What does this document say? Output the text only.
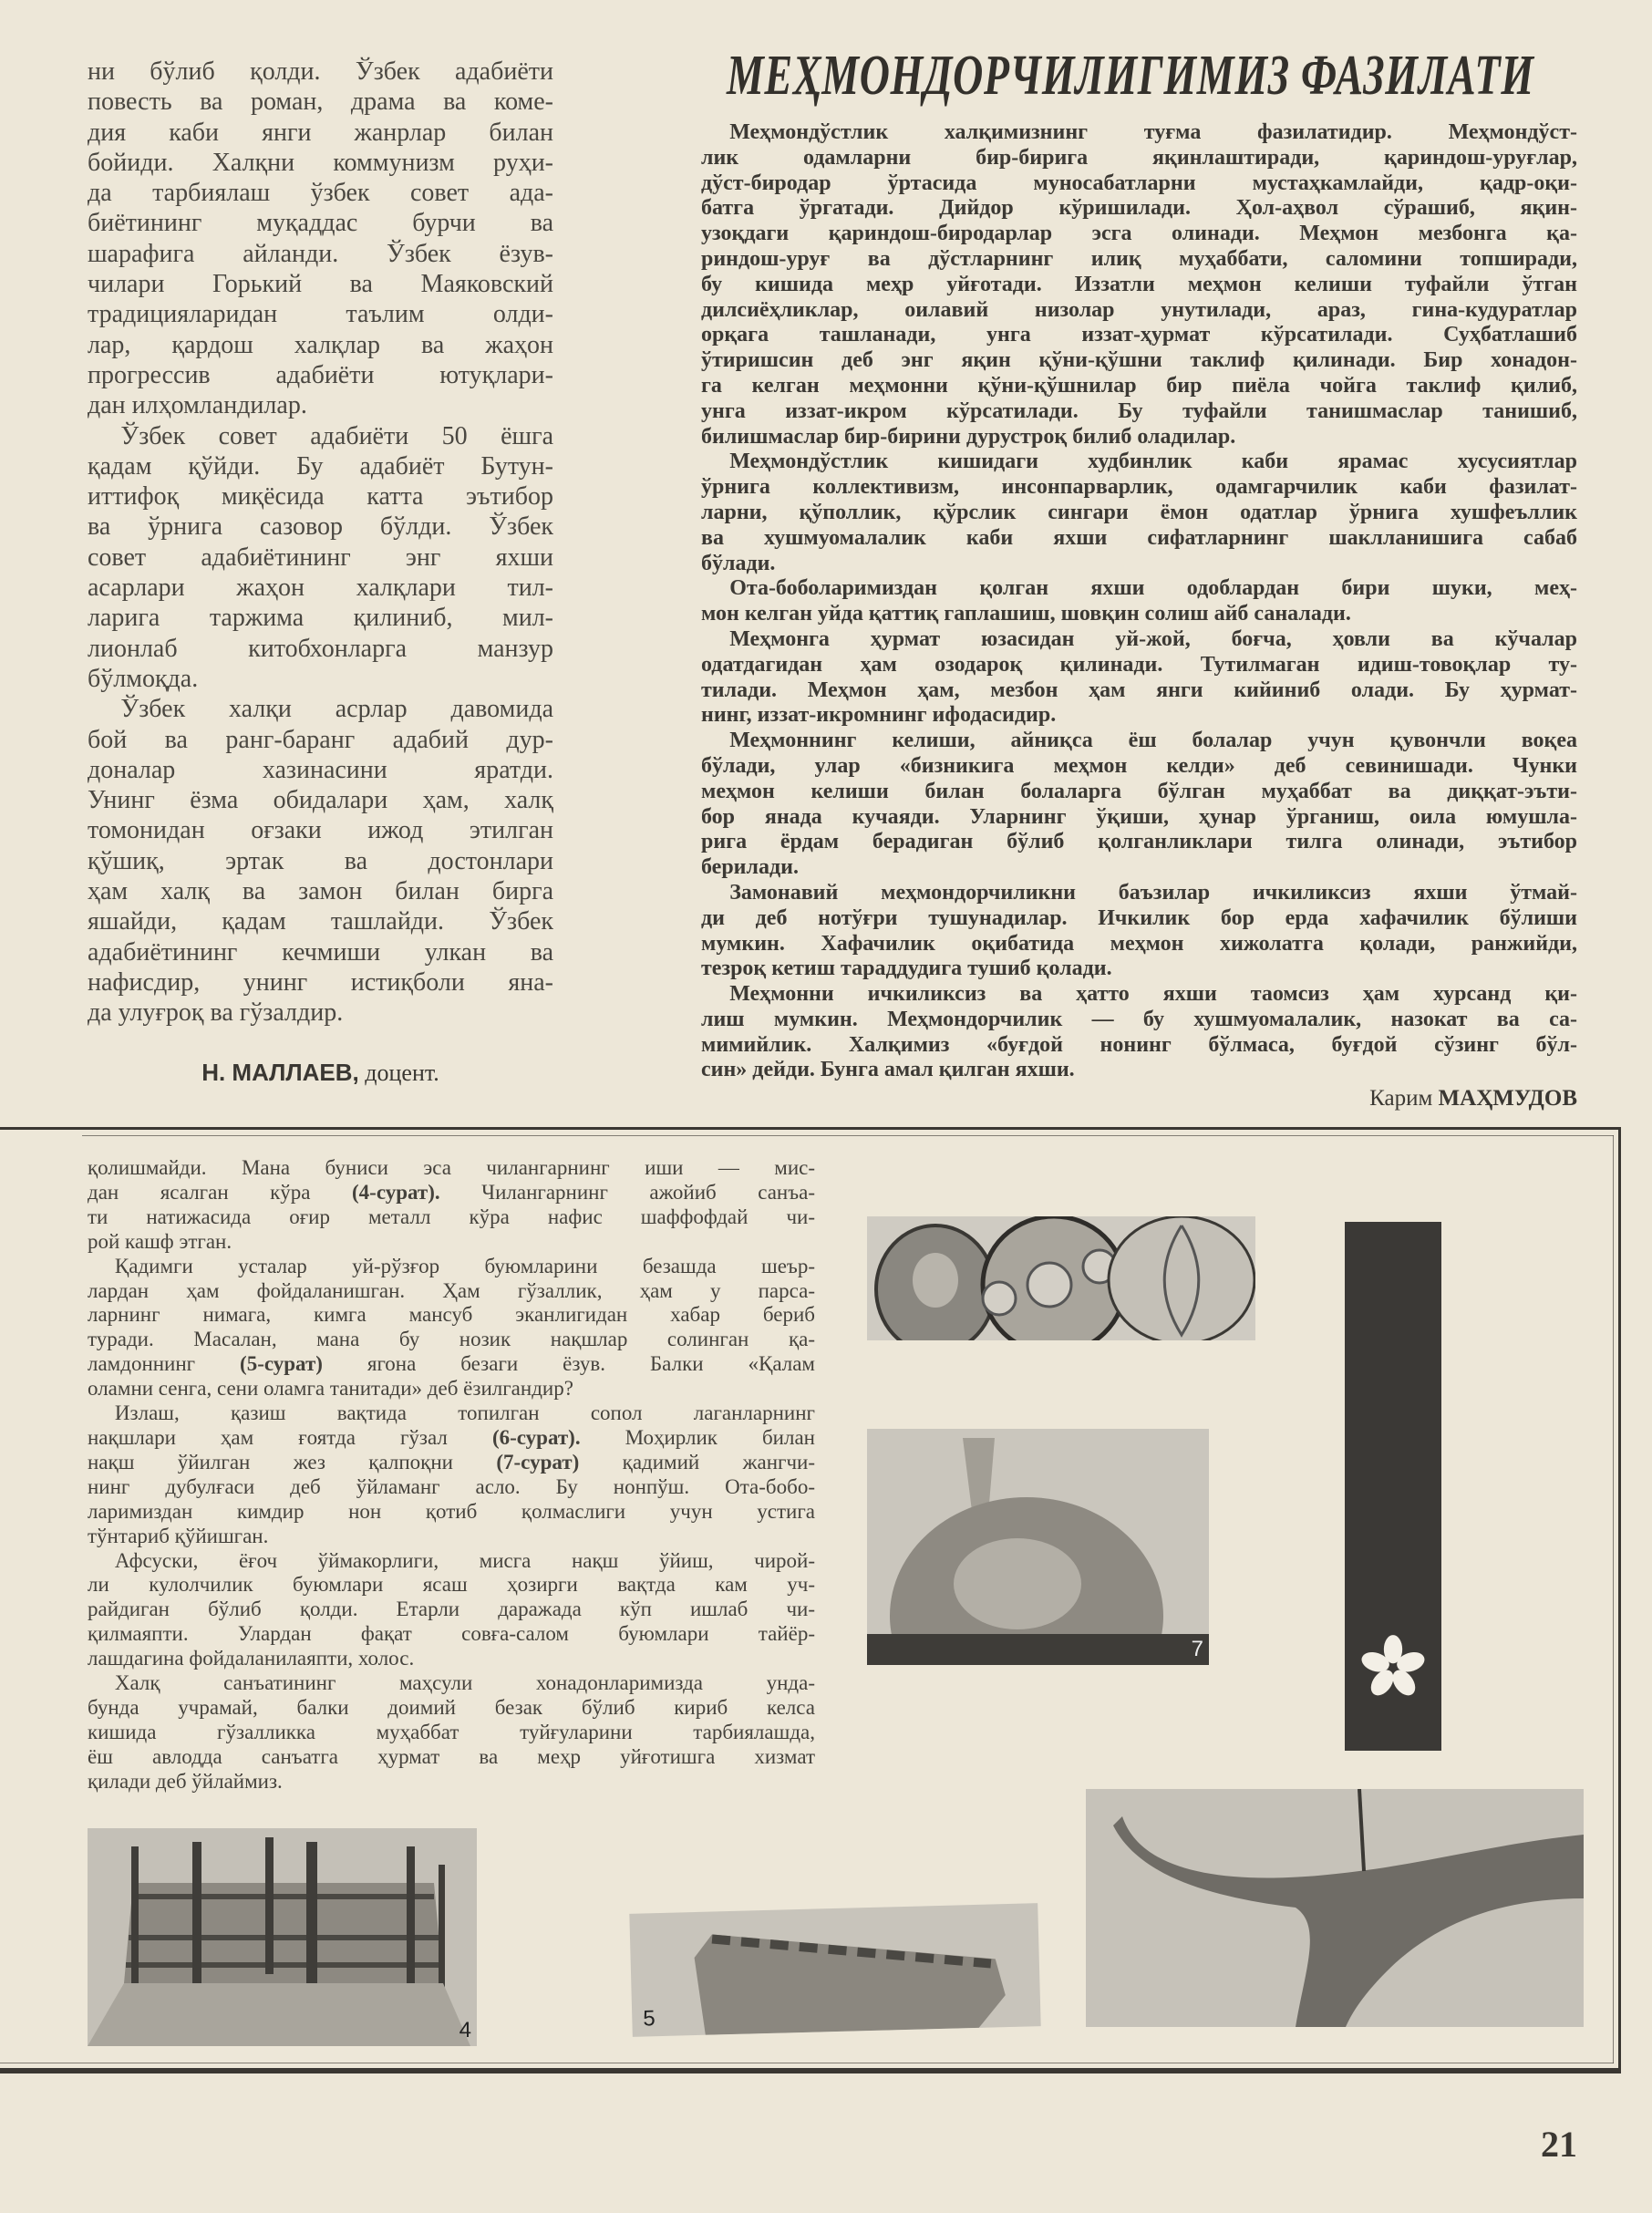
ни бўлиб қолди. Ўзбек адабиёти
повесть ва роман, драма ва коме-
дия каби янги жанрлар билан
бойиди. Халқни коммунизм руҳи-
да тарбиялаш ўзбек совет ада-
биётининг муқаддас бурчи ва
шарафига айланди. Ўзбек ёзув-
чилари Горький ва Маяковский
традицияларидан таълим олди-
лар, қардош халқлар ва жаҳон
прогрессив адабиёти ютуқлари-
дан илҳомландилар.
Ўзбек совет адабиёти 50 ёшга
қадам қўйди. Бу адабиёт Бутун-
иттифоқ миқёсида катта эътибор
ва ўрнига сазовор бўлди. Ўзбек
совет адабиётининг энг яхши
асарлари жаҳон халқлари тил-
ларига таржима қилиниб, мил-
лионлаб китобхонларга манзур
бўлмоқда.
Ўзбек халқи асрлар давомида
бой ва ранг-баранг адабий дур-
доналар хазинасини яратди.
Унинг ёзма обидалари ҳам, халқ
томонидан оғзаки ижод этилган
қўшиқ, эртак ва достонлари
ҳам халқ ва замон билан бирга
яшайди, қадам ташлайди. Ўзбек
адабиётининг кечмиши улкан ва
нафисдир, унинг истиқболи яна-
да улуғроқ ва гўзалдир.
Н. МАЛЛАЕВ, доцент.
МЕҲМОНДОРЧИЛИГИМИЗ ФАЗИЛАТИ
Меҳмондўстлик халқимизнинг туғма фазилатидир. Меҳмондўст-
лик одамларни бир-бирига яқинлаштиради, қариндош-уруғлар,
дўст-биродар ўртасида муносабатларни мустаҳкамлайди, қадр-оқи-
батга ўргатади. Дийдор кўришилади. Ҳол-аҳвол сўрашиб, яқин-
узоқдаги қариндош-биродарлар эсга олинади. Меҳмон мезбонга қа-
риндош-уруғ ва дўстларнинг илиқ муҳаббати, саломини топширади,
бу кишида меҳр уйғотади. Иззатли меҳмон келиши туфайли ўтган
дилсиёҳликлар, оилавий низолар унутилади, араз, гина-кудуратлар
орқага ташланади, унга иззат-ҳурмат кўрсатилади. Суҳбатлашиб
ўтиришсин деб энг яқин қўни-қўшни таклиф қилинади. Бир хонадон-
га келган меҳмонни қўни-қўшнилар бир пиёла чойга таклиф қилиб,
унга иззат-икром кўрсатилади. Бу туфайли танишмаслар танишиб,
билишмаслар бир-бирини дурустроқ билиб оладилар.
Меҳмондўстлик кишидаги худбинлик каби ярамас хусусиятлар
ўрнига коллективизм, инсонпарварлик, одамгарчилик каби фазилат-
ларни, қўполлик, қўрслик сингари ёмон одатлар ўрнига хушфеъллик
ва хушмуомалалик каби яхши сифатларнинг шаклланишига сабаб
бўлади.
Ота-боболаримиздан қолган яхши одоблардан бири шуки, меҳ-
мон келган уйда қаттиқ гаплашиш, шовқин солиш айб саналади.
Меҳмонга ҳурмат юзасидан уй-жой, боғча, ҳовли ва кўчалар
одатдагидан ҳам озодароқ қилинади. Тутилмаган идиш-товоқлар ту-
тилади. Меҳмон ҳам, мезбон ҳам янги кийиниб олади. Бу ҳурмат-
нинг, иззат-икромнинг ифодасидир.
Меҳмоннинг келиши, айниқса ёш болалар учун қувончли воқеа
бўлади, улар «бизникига меҳмон келди» деб севинишади. Чунки
меҳмон келиши билан болаларга бўлган муҳаббат ва диққат-эъти-
бор янада кучаяди. Уларнинг ўқиши, ҳунар ўрганиш, оила юмушла-
рига ёрдам берадиган бўлиб қолганликлари тилга олинади, эътибор
берилади.
Замонавий меҳмондорчиликни баъзилар ичкиликсиз яхши ўтмай-
ди деб нотўғри тушунадилар. Ичкилик бор ерда хафачилик бўлиши
мумкин. Хафачилик оқибатида меҳмон хижолатга қолади, ранжийди,
тезроқ кетиш тараддудига тушиб қолади.
Меҳмонни ичкиликсиз ва ҳатто яхши таомсиз ҳам хурсанд қи-
лиш мумкин. Меҳмондорчилик — бу хушмуомалалик, назокат ва са-
мимийлик. Халқимиз «буғдой нонинг бўлмаса, буғдой сўзинг бўл-
син» дейди. Бунга амал қилган яхши.
Карим МАҲМУДОВ
қолишмайди. Мана буниси эса чилангарнинг иши — мис-
дан ясалган кўра (4-сурат). Чилангарнинг ажойиб санъа-
ти натижасида оғир металл кўра нафис шаффофдай чи-
рой кашф этган.
Қадимги усталар уй-рўзғор буюмларини безашда шеър-
лардан ҳам фойдаланишган. Ҳам гўзаллик, ҳам у парса-
ларнинг нимага, кимга мансуб эканлигидан хабар бериб
туради. Масалан, мана бу нозик нақшлар солинган қа-
ламдоннинг (5-сурат) ягона безаги ёзув. Балки «Қалам
оламни сенга, сени оламга танитади» деб ёзилгандир?
Излаш, қазиш вақтида топилган сопол лаганларнинг
нақшлари ҳам ғоятда гўзал (6-сурат). Моҳирлик билан
нақш ўйилган жез қалпоқни (7-сурат) қадимий жангчи-
нинг дубулғаси деб ўйламанг асло. Бу нонпўш. Ота-бобо-
ларимиздан кимдир нон қотиб қолмаслиги учун устига
тўнтариб қўйишган.
Афсуски, ёғоч ўймакорлиги, мисга нақш ўйиш, чирой-
ли кулолчилик буюмлари ясаш ҳозирги вақтда кам уч-
райдиган бўлиб қолди. Етарли даражада кўп ишлаб чи-
қилмаяпти. Улардан фақат совға-салом буюмлари тайёр-
лашдагина фойдаланилаяпти, холос.
Халқ санъатининг маҳсули хонадонларимизда унда-
бунда учрамай, балки доимий безак бўлиб кириб келса
кишида гўзалликка муҳаббат туйғуларини тарбиялашда,
ёш авлодда санъатга ҳурмат ва меҳр уйғотишга хизмат
қилади деб ўйлаймиз.
7
4	5
21
